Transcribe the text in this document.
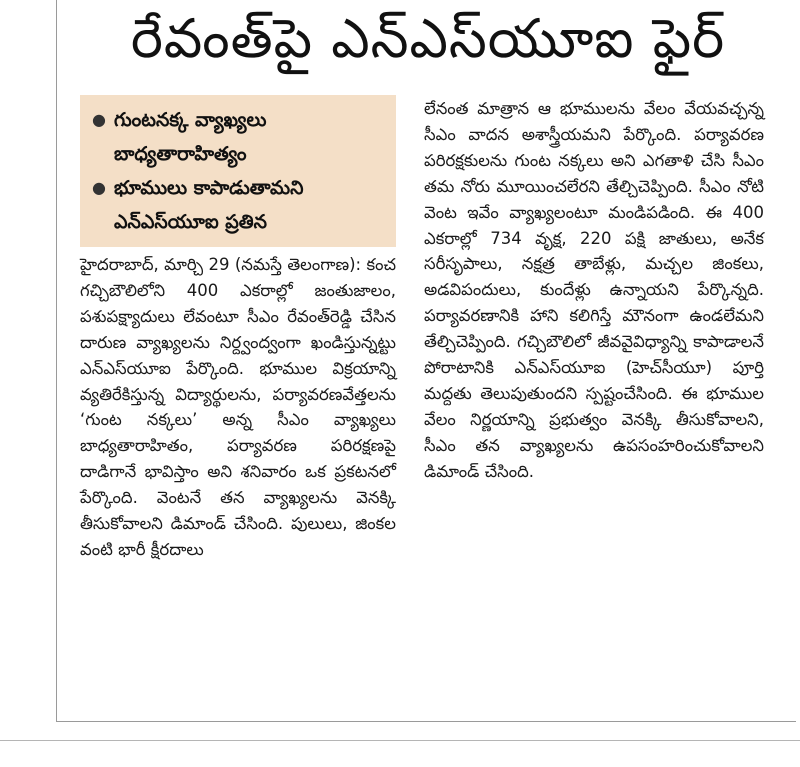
రేవంత్‌పై ఎన్‌ఎస్‌యూఐ ఫైర్‌
● గుంటనక్క వ్యాఖ్యలు
బాధ్యతారాహిత్యం
● భూములు కాపాడుతామని
ఎన్‌ఎస్‌యూఐ ప్రతిన

హైదరాబాద్‌, మార్చి 29 (నమస్తే తెలంగాణ): కంచ గచ్చిబౌలిలోని 400 ఎకరాల్లో జంతుజాలం, పశుపక్ష్యాదులు లేవంటూ సీఎం రేవంత్‌రెడ్డి చేసిన దారుణ వ్యాఖ్యలను నిర్ద్వంద్వంగా ఖండిస్తున్నట్టు ఎన్‌ఎస్‌యూఐ పేర్కొంది. భూముల విక్రయాన్ని వ్యతిరేకిస్తున్న విద్యార్థులను, పర్యావరణవేత్తలను ‘గుంట నక్కలు’ అన్న సీఎం వ్యాఖ్యలు బాధ్యతారాహితం, పర్యావరణ పరిరక్షణపై దాడిగానే భావిస్తాం అని శనివారం ఒక ప్రకటనలో పేర్కొంది. వెంటనే తన వ్యాఖ్యలను వెనక్కి తీసుకోవాలని డిమాండ్‌ చేసింది. పులులు, జింకల వంటి భారీ క్షీరదాలు

లేనంత మాత్రాన ఆ భూములను వేలం వేయవచ్చన్న సీఎం వాదన అశాస్త్రీయమని పేర్కొంది. పర్యావరణ పరిరక్షకులను గుంట నక్కలు అని ఎగతాళి చేసి సీఎం తమ నోరు మూయించలేరని తేల్చిచెప్పింది. సీఎం నోటి వెంట ఇవేం వ్యాఖ్యలంటూ మండిపడింది. ఈ 400 ఎకరాల్లో 734 వృక్ష, 220 పక్షి జాతులు, అనేక సరీసృపాలు, నక్షత్ర తాబేళ్లు, మచ్చల జింకలు, అడవిపందులు, కుందేళ్లు ఉన్నాయని పేర్కొన్నది. పర్యావరణానికి హాని కలిగిస్తే మౌనంగా ఉండలేమని తేల్చిచెప్పింది. గచ్చిబౌలిలో జీవవైవిధ్యాన్ని కాపాడాలనే పోరాటానికి ఎన్‌ఎస్‌యూఐ (హెచ్‌సీయూ) పూర్తి మద్దతు తెలుపుతుందని స్పష్టంచేసింది. ఈ భూముల వేలం నిర్ణయాన్ని ప్రభుత్వం వెనక్కి తీసుకోవాలని, సీఎం తన వ్యాఖ్యలను ఉపసంహరించుకోవాలని డిమాండ్‌ చేసింది.
